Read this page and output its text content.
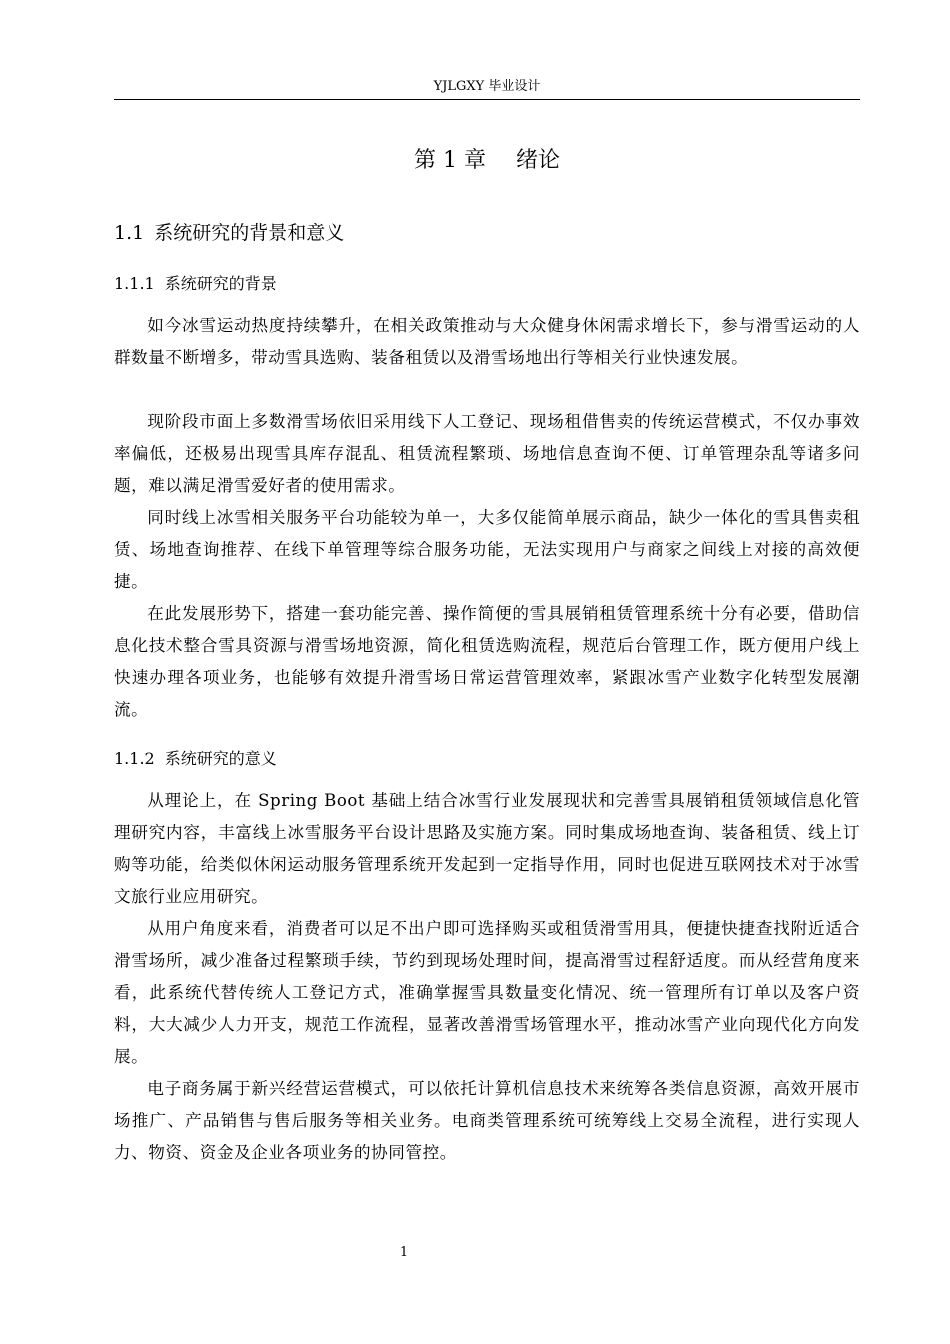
YJLGXY 毕业设计
第 1 章 绪论
1.1 系统研究的背景和意义
1.1.1 系统研究的背景

如今冰雪运动热度持续攀升，在相关政策推动与大众健身休闲需求增长下，参与滑雪运动的人群数量不断增多，带动雪具选购、装备租赁以及滑雪场地出行等相关行业快速发展。

现阶段市面上多数滑雪场依旧采用线下人工登记、现场租借售卖的传统运营模式，不仅办事效率偏低，还极易出现雪具库存混乱、租赁流程繁琐、场地信息查询不便、订单管理杂乱等诸多问题，难以满足滑雪爱好者的使用需求。

同时线上冰雪相关服务平台功能较为单一，大多仅能简单展示商品，缺少一体化的雪具售卖租赁、场地查询推荐、在线下单管理等综合服务功能，无法实现用户与商家之间线上对接的高效便捷。

在此发展形势下，搭建一套功能完善、操作简便的雪具展销租赁管理系统十分有必要，借助信息化技术整合雪具资源与滑雪场地资源，简化租赁选购流程，规范后台管理工作，既方便用户线上快速办理各项业务，也能够有效提升滑雪场日常运营管理效率，紧跟冰雪产业数字化转型发展潮流。

1.1.2 系统研究的意义

从理论上，在 Spring Boot 基础上结合冰雪行业发展现状和完善雪具展销租赁领域信息化管理研究内容，丰富线上冰雪服务平台设计思路及实施方案。同时集成场地查询、装备租赁、线上订购等功能，给类似休闲运动服务管理系统开发起到一定指导作用，同时也促进互联网技术对于冰雪文旅行业应用研究。

从用户角度来看，消费者可以足不出户即可选择购买或租赁滑雪用具，便捷快捷查找附近适合滑雪场所，减少准备过程繁琐手续，节约到现场处理时间，提高滑雪过程舒适度。而从经营角度来看，此系统代替传统人工登记方式，准确掌握雪具数量变化情况、统一管理所有订单以及客户资料，大大减少人力开支，规范工作流程，显著改善滑雪场管理水平，推动冰雪产业向现代化方向发展。

电子商务属于新兴经营运营模式，可以依托计算机信息技术来统筹各类信息资源，高效开展市场推广、产品销售与售后服务等相关业务。电商类管理系统可统筹线上交易全流程，进行实现人力、物资、资金及企业各项业务的协同管控。

1
